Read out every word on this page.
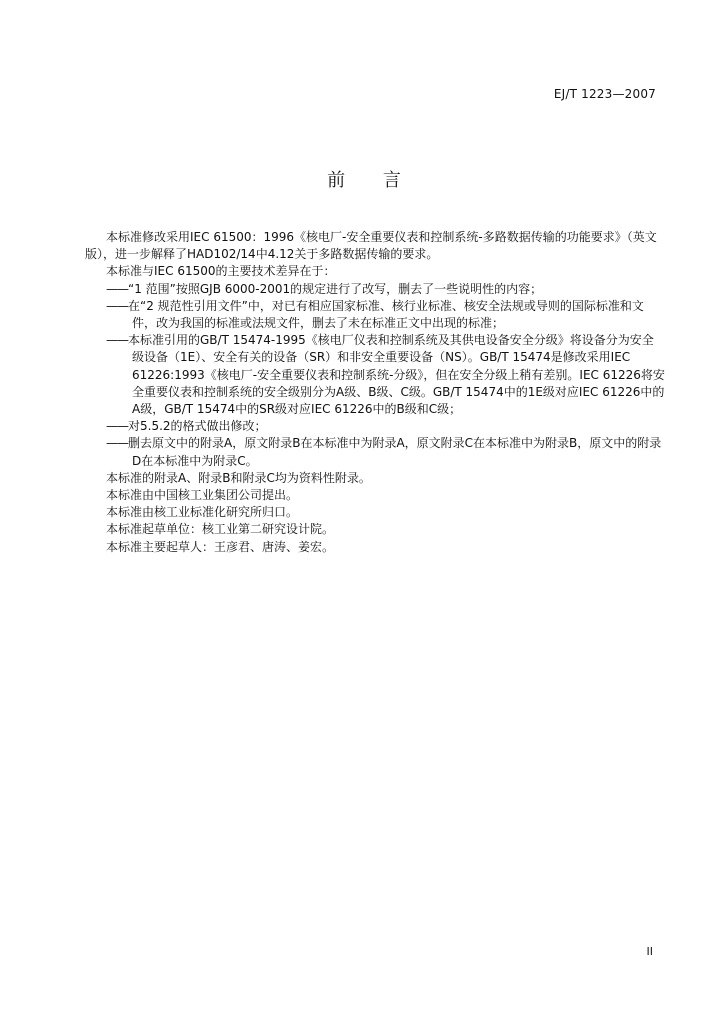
EJ/T 1223—2007
前 言

本标准修改采用IEC 61500：1996《核电厂-安全重要仪表和控制系统-多路数据传输的功能要求》（英文版），进一步解释了HAD102/14中4.12关于多路数据传输的要求。

本标准与IEC 61500的主要技术差异在于：

——“1 范围”按照GJB 6000-2001的规定进行了改写，删去了一些说明性的内容；

——在“2 规范性引用文件”中，对已有相应国家标准、核行业标准、核安全法规或导则的国际标准和文件，改为我国的标准或法规文件，删去了未在标准正文中出现的标准；

——本标准引用的GB/T 15474-1995《核电厂仪表和控制系统及其供电设备安全分级》将设备分为安全级设备（1E）、安全有关的设备（SR）和非安全重要设备（NS）。GB/T 15474是修改采用IEC 61226:1993《核电厂-安全重要仪表和控制系统-分级》，但在安全分级上稍有差别。IEC 61226将安全重要仪表和控制系统的安全级别分为A级、B级、C级。GB/T 15474中的1E级对应IEC 61226中的A级，GB/T 15474中的SR级对应IEC 61226中的B级和C级；

——对5.5.2的格式做出修改；

——删去原文中的附录A，原文附录B在本标准中为附录A，原文附录C在本标准中为附录B，原文中的附录D在本标准中为附录C。

本标准的附录A、附录B和附录C均为资料性附录。

本标准由中国核工业集团公司提出。

本标准由核工业标准化研究所归口。

本标准起草单位：核工业第二研究设计院。

本标准主要起草人：王彦君、唐涛、姜宏。

II
